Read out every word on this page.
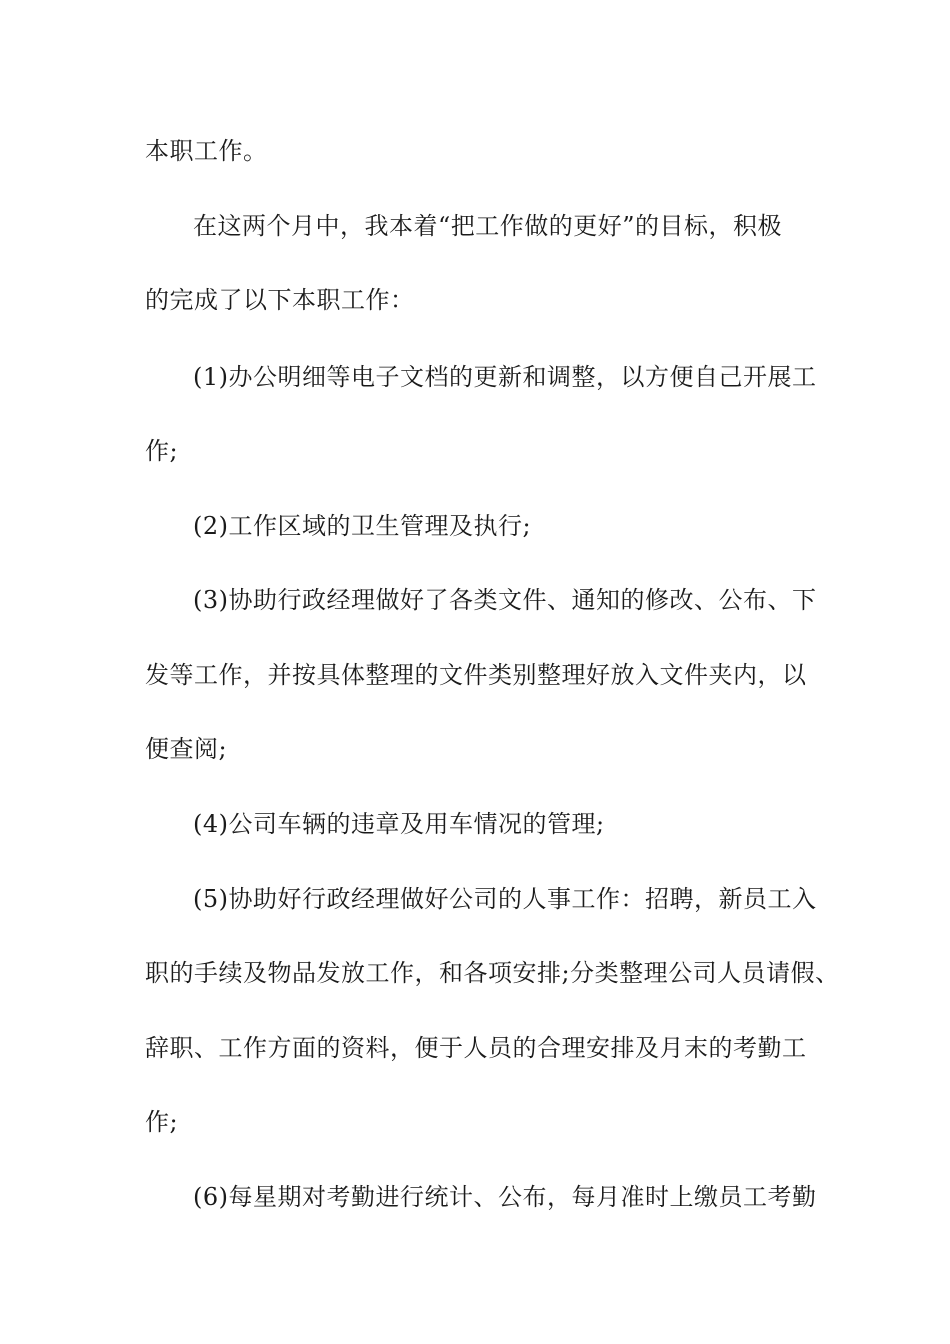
本职工作。
在这两个月中，我本着“把工作做的更好”的目标，积极
的完成了以下本职工作：
(1)办公明细等电子文档的更新和调整，以方便自己开展工
作;
(2)工作区域的卫生管理及执行;
(3)协助行政经理做好了各类文件、通知的修改、公布、下
发等工作，并按具体整理的文件类别整理好放入文件夹内，以
便查阅;
(4)公司车辆的违章及用车情况的管理;
(5)协助好行政经理做好公司的人事工作：招聘，新员工入
职的手续及物品发放工作，和各项安排;分类整理公司人员请假、
辞职、工作方面的资料，便于人员的合理安排及月末的考勤工
作;
(6)每星期对考勤进行统计、公布，每月准时上缴员工考勤
